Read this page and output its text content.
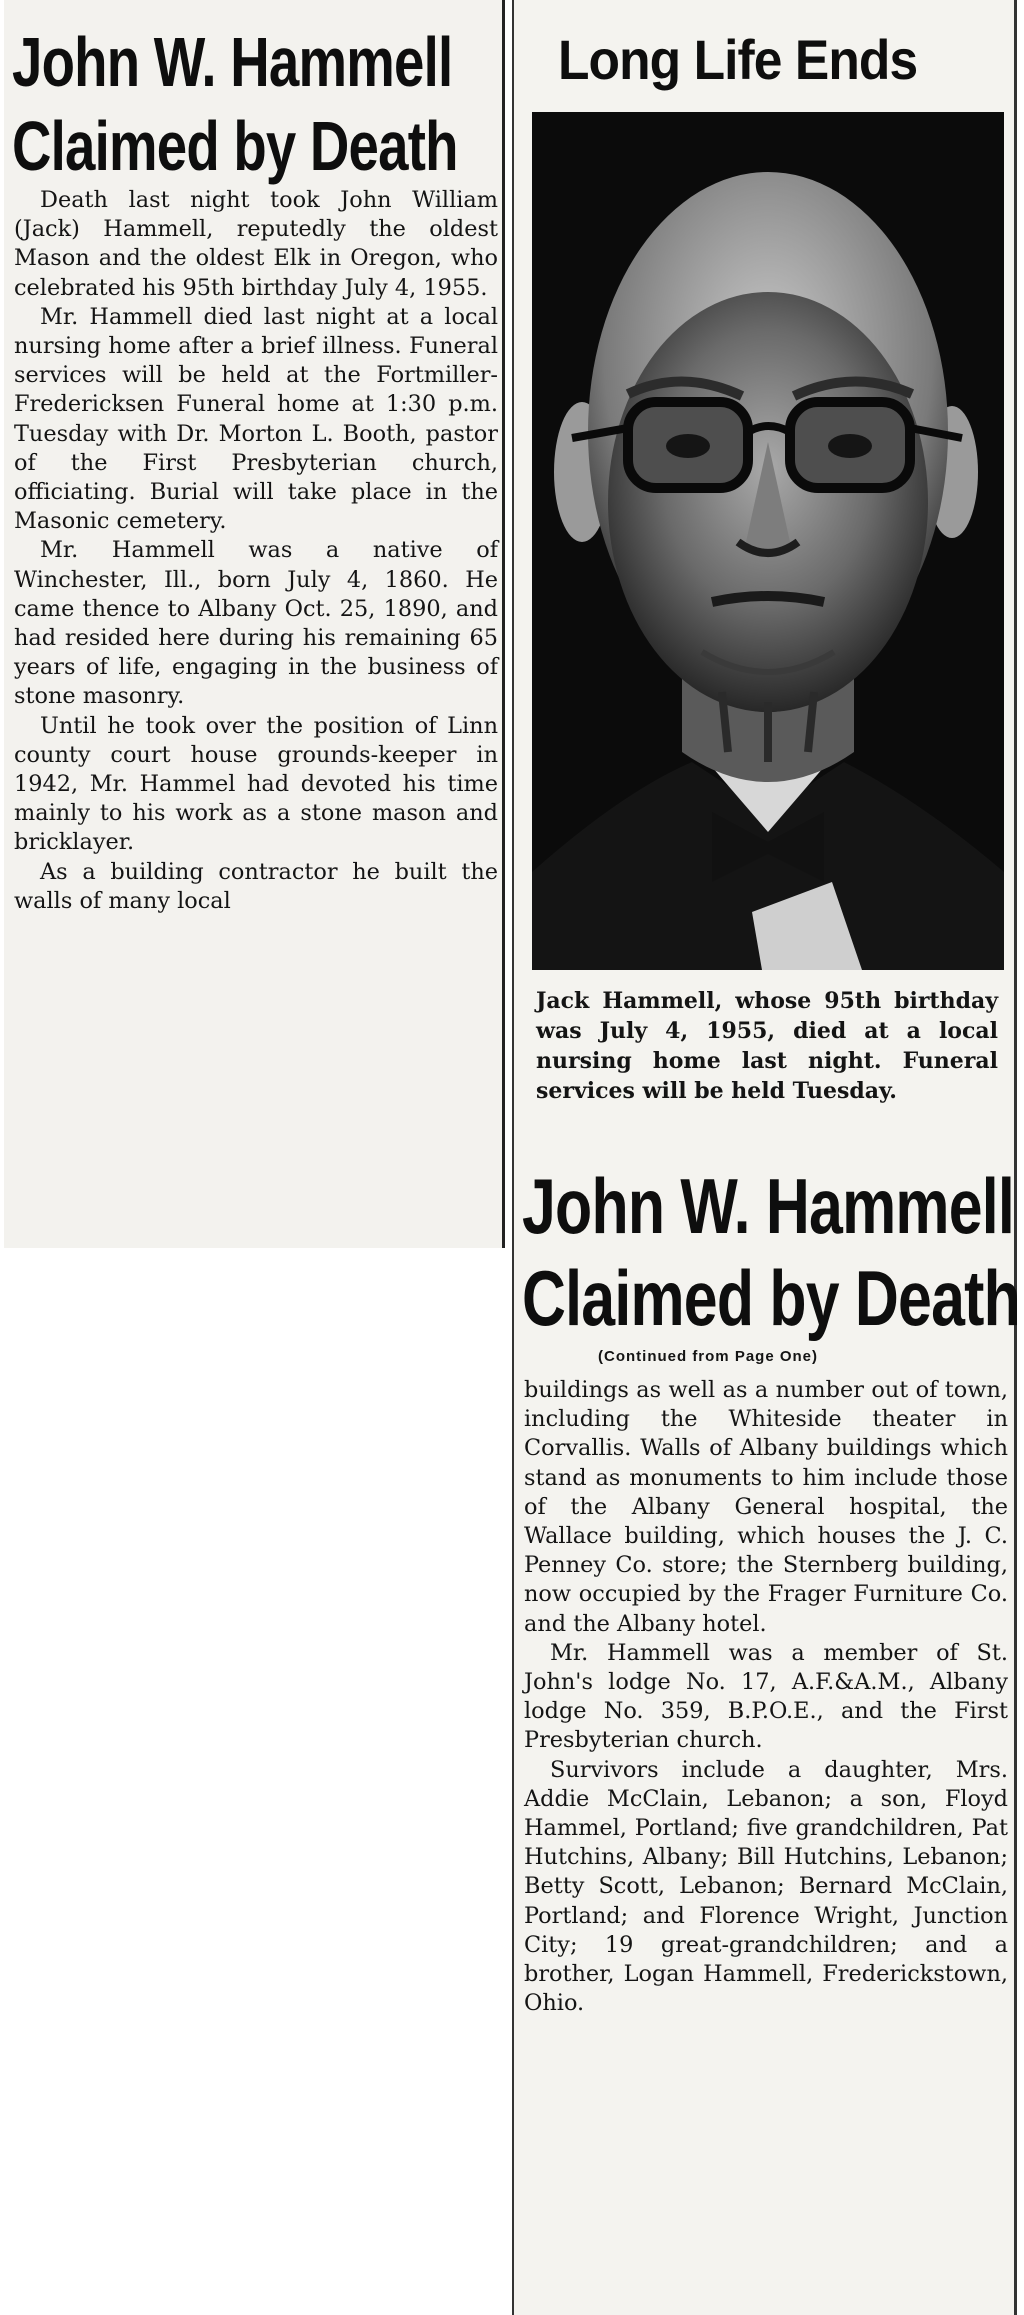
John W. Hammell
Claimed by Death

Death last night took John William (Jack) Hammell, reputedly the oldest Mason and the oldest Elk in Oregon, who celebrated his 95th birthday July 4, 1955.

Mr. Hammell died last night at a local nursing home after a brief illness. Funeral services will be held at the Fortmiller-Fredericksen Funeral home at 1:30 p.m. Tuesday with Dr. Morton L. Booth, pastor of the First Presbyterian church, officiating. Burial will take place in the Masonic cemetery.

Mr. Hammell was a native of Winchester, Ill., born July 4, 1860. He came thence to Albany Oct. 25, 1890, and had resided here during his remaining 65 years of life, engaging in the business of stone masonry.

Until he took over the position of Linn county court house grounds-keeper in 1942, Mr. Hammel had devoted his time mainly to his work as a stone mason and bricklayer.

As a building contractor he built the walls of many local

Long Life Ends

Jack Hammell, whose 95th birthday was July 4, 1955, died at a local nursing home last night. Funeral services will be held Tuesday.

John W. Hammell
Claimed by Death

(Continued from Page One)

buildings as well as a number out of town, including the Whiteside theater in Corvallis. Walls of Albany buildings which stand as monuments to him include those of the Albany General hospital, the Wallace building, which houses the J. C. Penney Co. store; the Sternberg building, now occupied by the Frager Furniture Co. and the Albany hotel.

Mr. Hammell was a member of St. John's lodge No. 17, A.F.&A.M., Albany lodge No. 359, B.P.O.E., and the First Presbyterian church.

Survivors include a daughter, Mrs. Addie McClain, Lebanon; a son, Floyd Hammel, Portland; five grandchildren, Pat Hutchins, Albany; Bill Hutchins, Lebanon; Betty Scott, Lebanon; Bernard McClain, Portland; and Florence Wright, Junction City; 19 great-grandchildren; and a brother, Logan Hammell, Frederickstown, Ohio.
